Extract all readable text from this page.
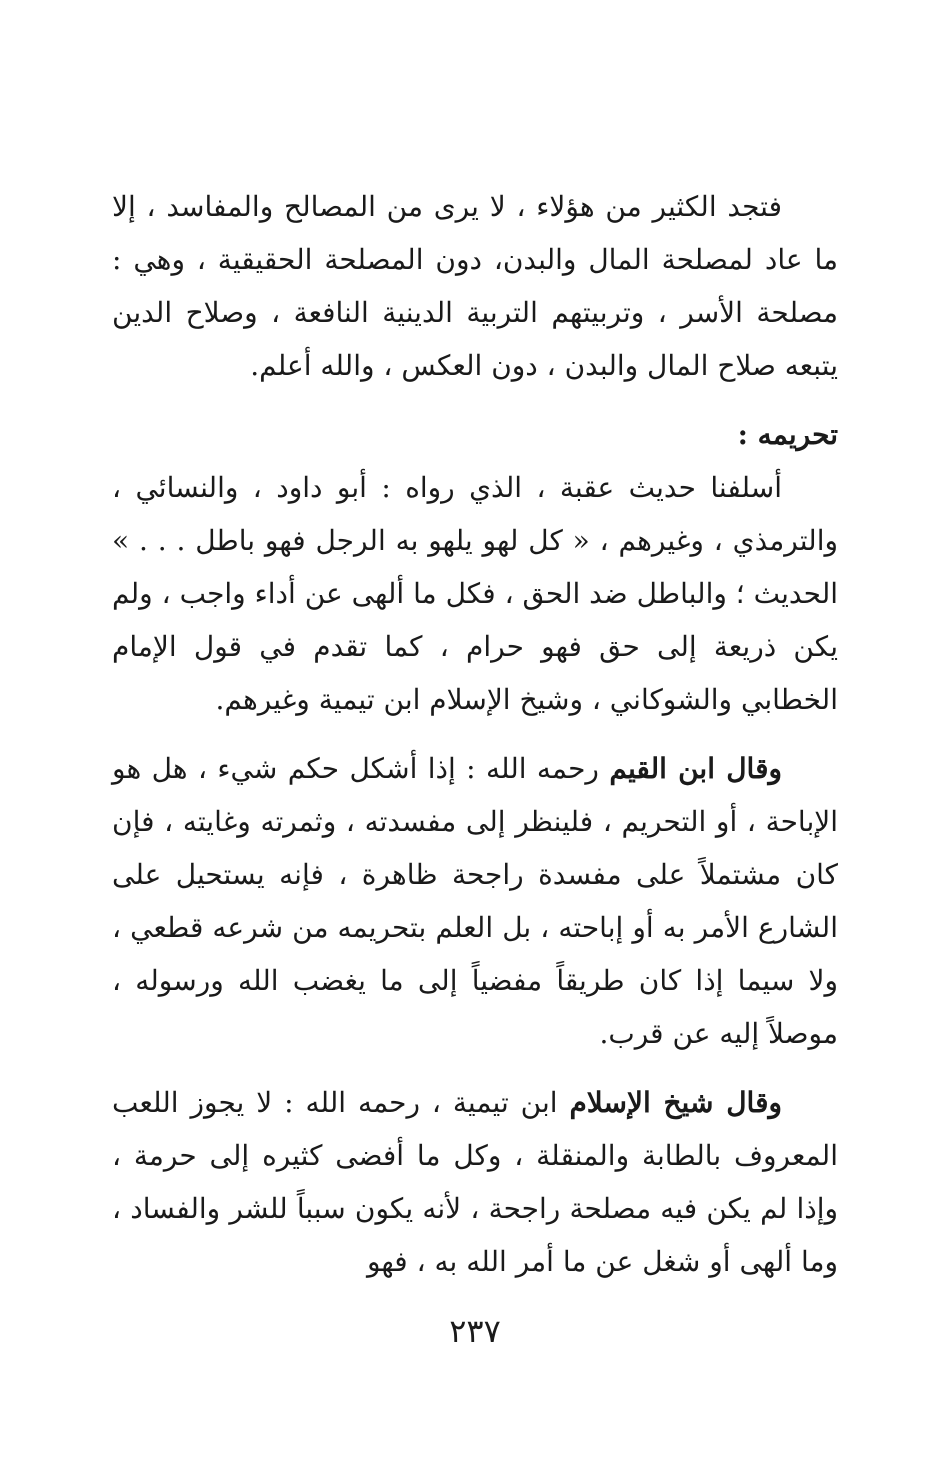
فتجد الكثير من هؤلاء ، لا يرى من المصالح والمفاسد ، إلا ما عاد لمصلحة المال والبدن، دون المصلحة الحقيقية ، وهي : مصلحة الأسر ، وتربيتهم التربية الدينية النافعة ، وصلاح الدين يتبعه صلاح المال والبدن ، دون العكس ، والله أعلم.

تحريمه :

أسلفنا حديث عقبة ، الذي رواه : أبو داود ، والنسائي ، والترمذي ، وغيرهم ، « كل لهو يلهو به الرجل فهو باطل . . . » الحديث ؛ والباطل ضد الحق ، فكل ما ألهى عن أداء واجب ، ولم يكن ذريعة إلى حق فهو حرام ، كما تقدم في قول الإمام الخطابي والشوكاني ، وشيخ الإسلام ابن تيمية وغيرهم.

وقال ابن القيم رحمه الله : إذا أشكل حكم شيء ، هل هو الإباحة ، أو التحريم ، فلينظر إلى مفسدته ، وثمرته وغايته ، فإن كان مشتملاً على مفسدة راجحة ظاهرة ، فإنه يستحيل على الشارع الأمر به أو إباحته ، بل العلم بتحريمه من شرعه قطعي ، ولا سيما إذا كان طريقاً مفضياً إلى ما يغضب الله ورسوله ، موصلاً إليه عن قرب.

وقال شيخ الإسلام ابن تيمية ، رحمه الله : لا يجوز اللعب المعروف بالطابة والمنقلة ، وكل ما أفضى كثيره إلى حرمة ، وإذا لم يكن فيه مصلحة راجحة ، لأنه يكون سبباً للشر والفساد ، وما ألهى أو شغل عن ما أمر الله به ، فهو

٢٣٧
